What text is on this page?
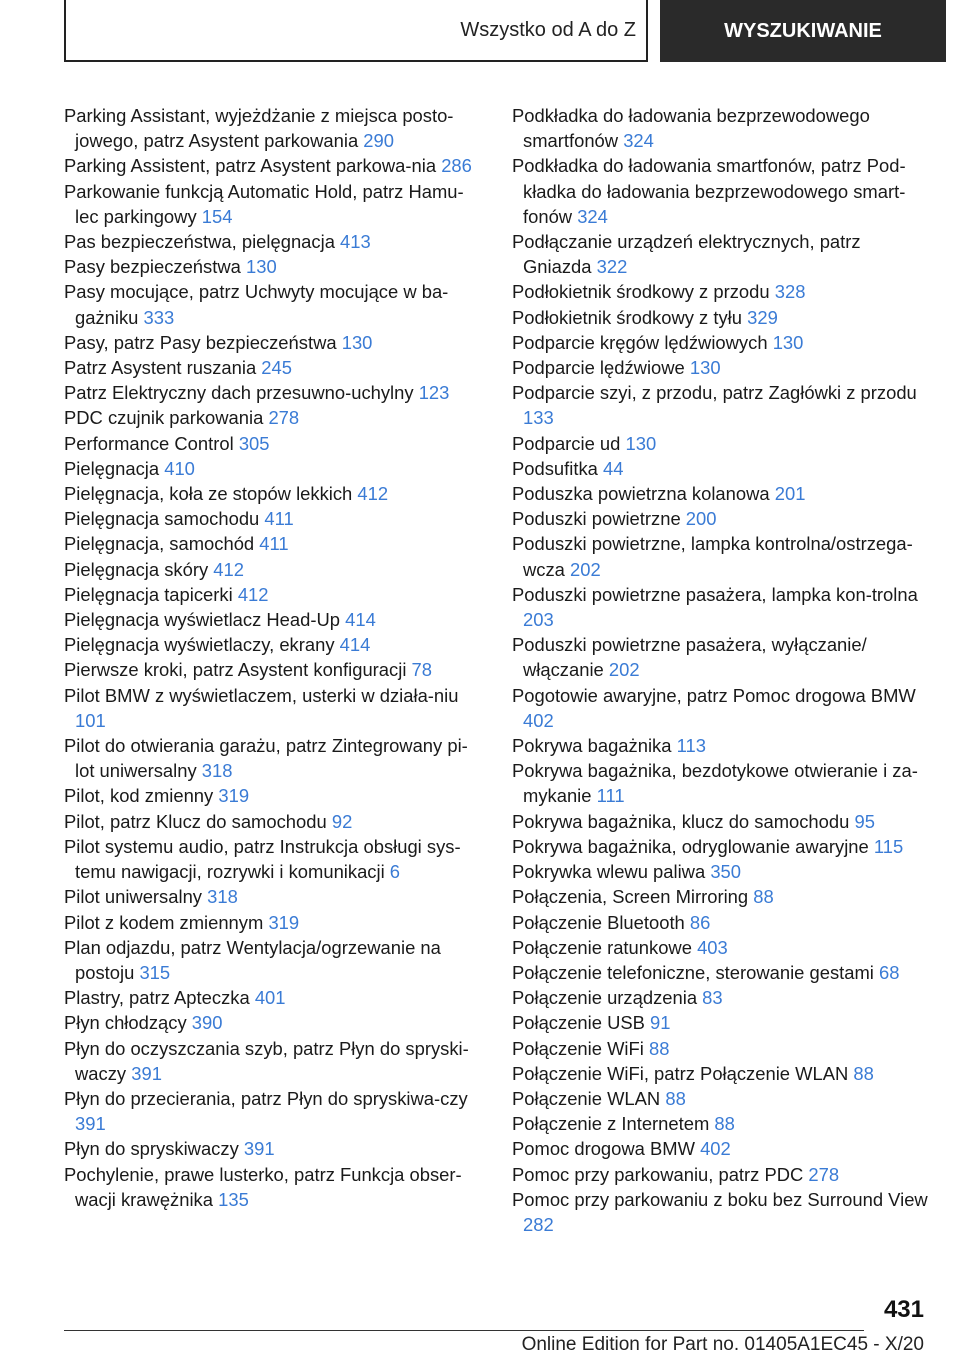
Wszystko od A do Z	WYSZUKIWANIE
Parking Assistant, wyjeżdżanie z miejsca posto‐jowego, patrz Asystent parkowania 290
Parking Assistent, patrz Asystent parkowa‐nia 286
Parkowanie funkcją Automatic Hold, patrz Hamu‐lec parkingowy 154
Pas bezpieczeństwa, pielęgnacja 413
Pasy bezpieczeństwa 130
Pasy mocujące, patrz Uchwyty mocujące w ba‐gażniku 333
Pasy, patrz Pasy bezpieczeństwa 130
Patrz Asystent ruszania 245
Patrz Elektryczny dach przesuwno-uchylny 123
PDC czujnik parkowania 278
Performance Control 305
Pielęgnacja 410
Pielęgnacja, koła ze stopów lekkich 412
Pielęgnacja samochodu 411
Pielęgnacja, samochód 411
Pielęgnacja skóry 412
Pielęgnacja tapicerki 412
Pielęgnacja wyświetlacz Head-Up 414
Pielęgnacja wyświetlaczy, ekrany 414
Pierwsze kroki, patrz Asystent konfiguracji 78
Pilot BMW z wyświetlaczem, usterki w działa‐niu 101
Pilot do otwierania garażu, patrz Zintegrowany pi‐lot uniwersalny 318
Pilot, kod zmienny 319
Pilot, patrz Klucz do samochodu 92
Pilot systemu audio, patrz Instrukcja obsługi sys‐temu nawigacji, rozrywki i komunikacji 6
Pilot uniwersalny 318
Pilot z kodem zmiennym 319
Plan odjazdu, patrz Wentylacja/ogrzewanie na postoju 315
Plastry, patrz Apteczka 401
Płyn chłodzący 390
Płyn do oczyszczania szyb, patrz Płyn do spryski‐waczy 391
Płyn do przecierania, patrz Płyn do spryskiwa‐czy 391
Płyn do spryskiwaczy 391
Pochylenie, prawe lusterko, patrz Funkcja obser‐wacji krawężnika 135
Podkładka do ładowania bezprzewodowego smartfonów 324
Podkładka do ładowania smartfonów, patrz Pod‐kładka do ładowania bezprzewodowego smart‐fonów 324
Podłączanie urządzeń elektrycznych, patrz Gniazda 322
Podłokietnik środkowy z przodu 328
Podłokietnik środkowy z tyłu 329
Podparcie kręgów lędźwiowych 130
Podparcie lędźwiowe 130
Podparcie szyi, z przodu, patrz Zagłówki z przodu 133
Podparcie ud 130
Podsufitka 44
Poduszka powietrzna kolanowa 201
Poduszki powietrzne 200
Poduszki powietrzne, lampka kontrolna/ostrzega‐wcza 202
Poduszki powietrzne pasażera, lampka kon‐trolna 203
Poduszki powietrzne pasażera, wyłączanie/ włączanie 202
Pogotowie awaryjne, patrz Pomoc drogowa BMW 402
Pokrywa bagażnika 113
Pokrywa bagażnika, bezdotykowe otwieranie i za‐mykanie 111
Pokrywa bagażnika, klucz do samochodu 95
Pokrywa bagażnika, odryglowanie awaryjne 115
Pokrywka wlewu paliwa 350
Połączenia, Screen Mirroring 88
Połączenie Bluetooth 86
Połączenie ratunkowe 403
Połączenie telefoniczne, sterowanie gestami 68
Połączenie urządzenia 83
Połączenie USB 91
Połączenie WiFi 88
Połączenie WiFi, patrz Połączenie WLAN 88
Połączenie WLAN 88
Połączenie z Internetem 88
Pomoc drogowa BMW 402
Pomoc przy parkowaniu, patrz PDC 278
Pomoc przy parkowaniu z boku bez Surround View 282
431
Online Edition for Part no. 01405A1EC45 - X/20
